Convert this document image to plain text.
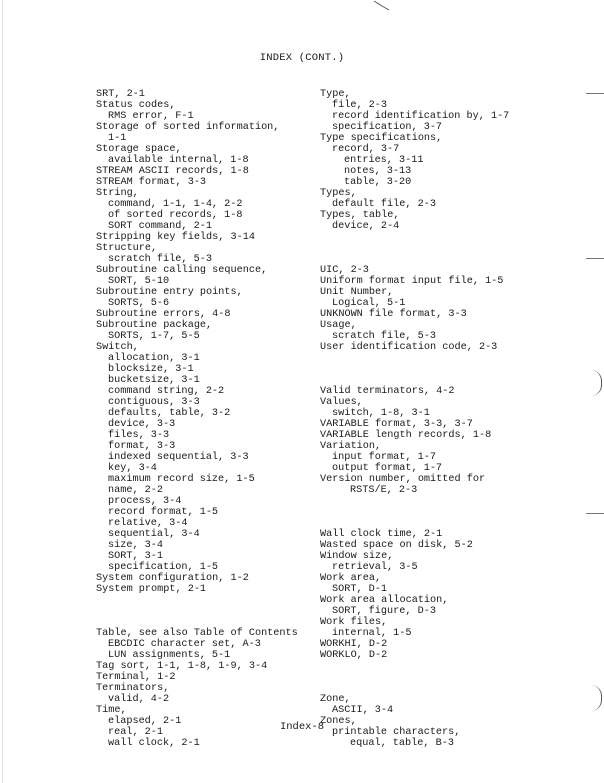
INDEX (CONT.)
SRT, 2-1
Status codes,
RMS error, F-1
Storage of sorted information,
1-1
Storage space,
available internal, 1-8
STREAM ASCII records, 1-8
STREAM format, 3-3
String,
command, 1-1, 1-4, 2-2
of sorted records, 1-8
SORT command, 2-1
Stripping key fields, 3-14
Structure,
scratch file, 5-3
Subroutine calling sequence,
SORT, 5-10
Subroutine entry points,
SORTS, 5-6
Subroutine errors, 4-8
Subroutine package,
SORTS, 1-7, 5-5
Switch,
allocation, 3-1
blocksize, 3-1
bucketsize, 3-1
command string, 2-2
contiguous, 3-3
defaults, table, 3-2
device, 3-3
files, 3-3
format, 3-3
indexed sequential, 3-3
key, 3-4
maximum record size, 1-5
name, 2-2
process, 3-4
record format, 1-5
relative, 3-4
sequential, 3-4
size, 3-4
SORT, 3-1
specification, 1-5
System configuration, 1-2
System prompt, 2-1
Table, see also Table of Contents
EBCDIC character set, A-3
LUN assignments, 5-1
Tag sort, 1-1, 1-8, 1-9, 3-4
Terminal, 1-2
Terminators,
valid, 4-2
Time,
elapsed, 2-1
real, 2-1
wall clock, 2-1
Type,
file, 2-3
record identification by, 1-7
specification, 3-7
Type specifications,
record, 3-7
entries, 3-11
notes, 3-13
table, 3-20
Types,
default file, 2-3
Types, table,
device, 2-4
UIC, 2-3
Uniform format input file, 1-5
Unit Number,
Logical, 5-1
UNKNOWN file format, 3-3
Usage,
scratch file, 5-3
User identification code, 2-3
Valid terminators, 4-2
Values,
switch, 1-8, 3-1
VARIABLE format, 3-3, 3-7
VARIABLE length records, 1-8
Variation,
input format, 1-7
output format, 1-7
Version number, omitted for
RSTS/E, 2-3
Wall clock time, 2-1
Wasted space on disk, 5-2
Window size,
retrieval, 3-5
Work area,
SORT, D-1
Work area allocation,
SORT, figure, D-3
Work files,
internal, 1-5
WORKHI, D-2
WORKLO, D-2
Zone,
ASCII, 3-4
Zones,
printable characters,
equal, table, B-3
Index-8
